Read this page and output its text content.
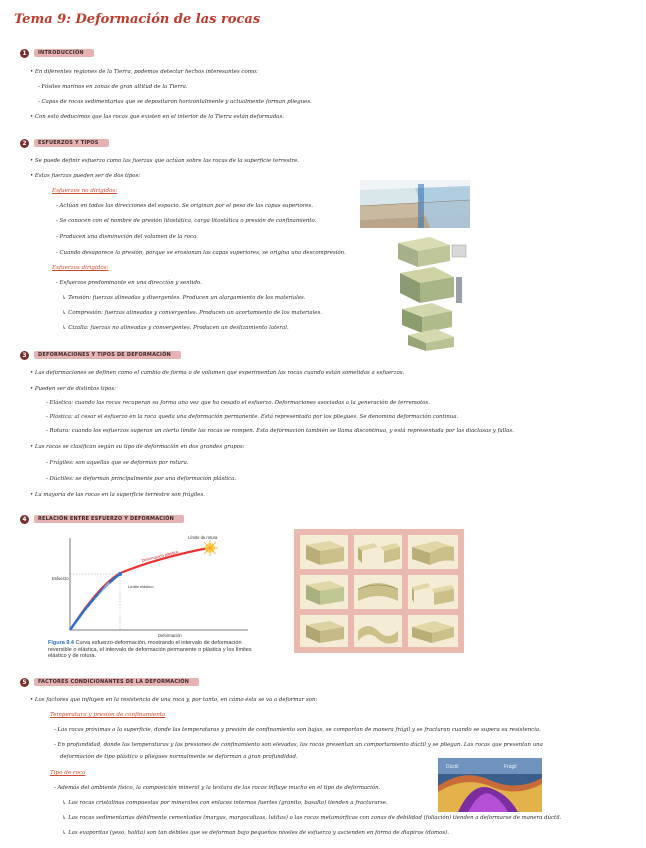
Tema 9: Deformación de las rocas
1	INTRODUCCIÓN
• En diferentes regiones de la Tierra, podemos detectar hechos interesantes como:
- Fósiles marinos en zonas de gran altitud de la Tierra.
- Capas de rocas sedimentarias que se depositaron horizontalmente y actualmente forman pliegues.
• Con esto deducimos que las rocas que existen en el interior de la Tierra están deformadas.
2	ESFUERZOS Y TIPOS
• Se puede definir esfuerzo como las fuerzas que actúan sobre las rocas de la superficie terrestre.
• Estas fuerzas pueden ser de dos tipos:
Esfuerzos no dirigidos:
- Actúan en todas las direcciones del espacio. Se originan por el peso de las capas superiores.
- Se conocen con el nombre de presión litostática, carga litostática o presión de confinamiento.
- Producen una disminución del volumen de la roca.
- Cuando desaparece la presión, porque se erosionan las capas superiores, se origina una descompresión.
Esfuerzos dirigidos:
- Esfuerzos predominante en una dirección y sentido.
↳ Tensión: fuerzas alineadas y divergentes. Producen un alargamiento de los materiales.
↳ Compresión: fuerzas alineadas y convergentes. Producen un acortamiento de los materiales.
↳ Cizalla: fuerzas no alineadas y convergentes. Producen un deslizamiento lateral.
3	DEFORMACIONES Y TIPOS DE DEFORMACIÓN
• Las deformaciones se definen como el cambio de forma o de volumen que experimentan las rocas cuando están sometidas a esfuerzos.
• Pueden ser de distintos tipos:
- Elástica: cuando las rocas recuperan su forma una vez que ha cesado el esfuerzo. Deformaciones asociadas a la generación de terremotos.
- Plástica: al cesar el esfuerzo en la roca queda una deformación permanente. Está representada por los pliegues. Se denomina deformación continua.
- Rotura: cuando los esfuerzos superan un cierto límite las rocas se rompen. Esta deformación también se llama discontinua, y está representada por las diaclasas y fallas.
• Las rocas se clasifican según su tipo de deformación en dos grandes grupos:
- Frágiles: son aquellas que se deforman por rotura.
- Dúctiles: se deforman principalmente por una deformación plástica.
• La mayoría de las rocas en la superficie terrestre son frágiles.
4	RELACIÓN ENTRE ESFUERZO Y DEFORMACIÓN
Límite de rotura
Deformación plástica
Límite elástico
Deformación reversible
Esfuerzo
Deformación
Figura 9.4 Curva esfuerzo-deformación, mostrando el intervalo de deformación reversible o elástica, el intervalo de deformación permanente o plástica y los límites elástico y de rotura.
5	FACTORES CONDICIONANTES DE LA DEFORMACIÓN
• Los factores que influyen en la resistencia de una roca y, por tanto, en cómo ésta se va a deformar son:
Temperatura y presión de confinamiento
- Las rocas próximas a la superficie, donde las temperaturas y presión de confinamiento son bajas, se comportan de manera frágil y se fracturan cuando se supera su resistencia.
- En profundidad, donde las temperaturas y las presiones de confinamiento son elevadas, las rocas presentan un comportamiento dúctil y se pliegan. Las rocas que presentan una
deformación de tipo plástico o pliegues normalmente se deforman a gran profundidad.
Tipo de roca
- Además del ambiente físico, la composición mineral y la textura de las rocas influye mucho en el tipo de deformación.
↳ Las rocas cristalinas compuestas por minerales con enlaces internos fuertes (granito, basalto) tienden a fracturarse.
↳ Las rocas sedimentarias débilmente cementadas (margas, margocalizas, lutitas) o las rocas metamórficas con zonas de debilidad (foliación) tienden a deformarse de manera dúctil.
↳ Las evaporitas (yeso, halita) son tan débiles que se deforman bajo pequeños niveles de esfuerzo y ascienden en forma de diapiros (domos).
Dúctil	Frágil
